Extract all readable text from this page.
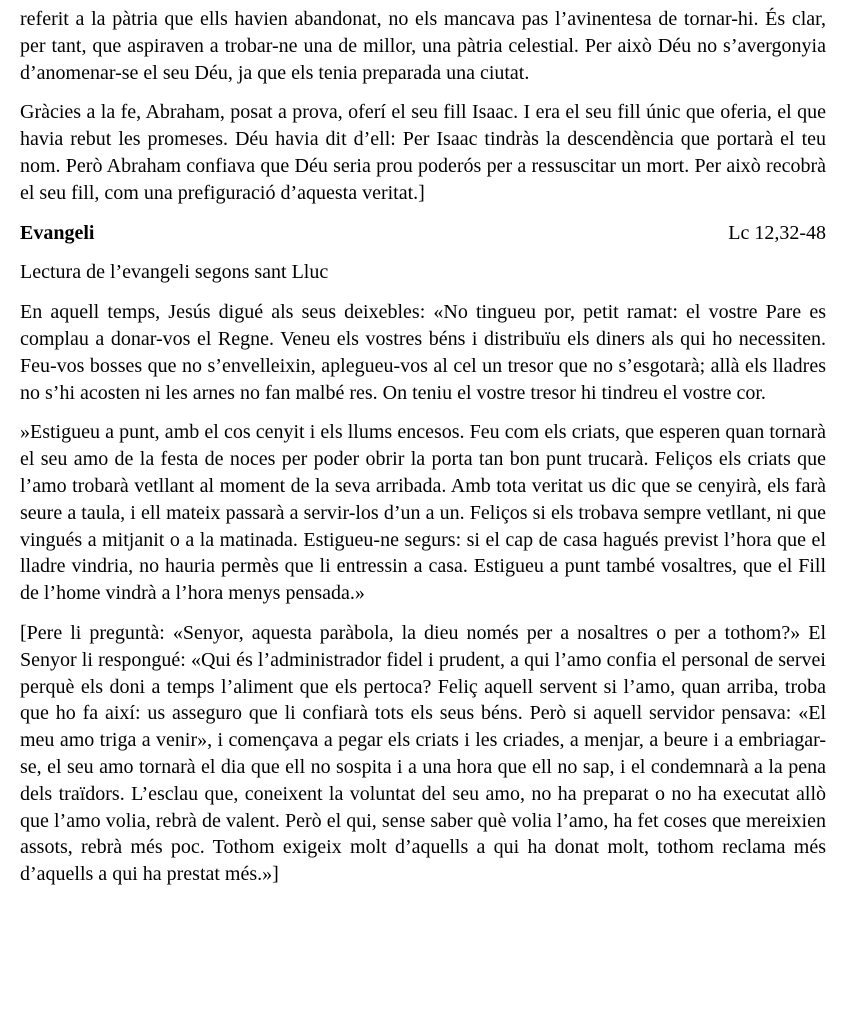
referit a la pàtria que ells havien abandonat, no els mancava pas l’avinentesa de tornar-hi. És clar, per tant, que aspiraven a trobar-ne una de millor, una pàtria celestial. Per això Déu no s’avergonyia d’anomenar-se el seu Déu, ja que els tenia preparada una ciutat.

Gràcies a la fe, Abraham, posat a prova, oferí el seu fill Isaac. I era el seu fill únic que oferia, el que havia rebut les promeses. Déu havia dit d’ell: Per Isaac tindràs la descendència que portarà el teu nom. Però Abraham confiava que Déu seria prou poderós per a ressuscitar un mort. Per això recobrà el seu fill, com una prefiguració d’aquesta veritat.]

Evangeli	Lc 12,32-48

Lectura de l’evangeli segons sant Lluc

En aquell temps, Jesús digué als seus deixebles: «No tingueu por, petit ramat: el vostre Pare es complau a donar-vos el Regne. Veneu els vostres béns i distribuïu els diners als qui ho necessiten. Feu-vos bosses que no s’envelleixin, aplegueu-vos al cel un tresor que no s’esgotarà; allà els lladres no s’hi acosten ni les arnes no fan malbé res. On teniu el vostre tresor hi tindreu el vostre cor.

»Estigueu a punt, amb el cos cenyit i els llums encesos. Feu com els criats, que esperen quan tornarà el seu amo de la festa de noces per poder obrir la porta tan bon punt trucarà. Feliços els criats que l’amo trobarà vetllant al moment de la seva arribada. Amb tota veritat us dic que se cenyirà, els farà seure a taula, i ell mateix passarà a servir-los d’un a un. Feliços si els trobava sempre vetllant, ni que vingués a mitjanit o a la matinada. Estigueu-ne segurs: si el cap de casa hagués previst l’hora que el lladre vindria, no hauria permès que li entressin a casa. Estigueu a punt també vosaltres, que el Fill de l’home vindrà a l’hora menys pensada.»

[Pere li preguntà: «Senyor, aquesta paràbola, la dieu només per a nosaltres o per a tothom?» El Senyor li respongué: «Qui és l’administrador fidel i prudent, a qui l’amo confia el personal de servei perquè els doni a temps l’aliment que els pertoca? Feliç aquell servent si l’amo, quan arriba, troba que ho fa així: us asseguro que li confiarà tots els seus béns. Però si aquell servidor pensava: «El meu amo triga a venir», i començava a pegar els criats i les criades, a menjar, a beure i a embriagar-se, el seu amo tornarà el dia que ell no sospita i a una hora que ell no sap, i el condemnarà a la pena dels traïdors. L’esclau que, coneixent la voluntat del seu amo, no ha preparat o no ha executat allò que l’amo volia, rebrà de valent. Però el qui, sense saber què volia l’amo, ha fet coses que mereixien assots, rebrà més poc. Tothom exigeix molt d’aquells a qui ha donat molt, tothom reclama més d’aquells a qui ha prestat més.»]
